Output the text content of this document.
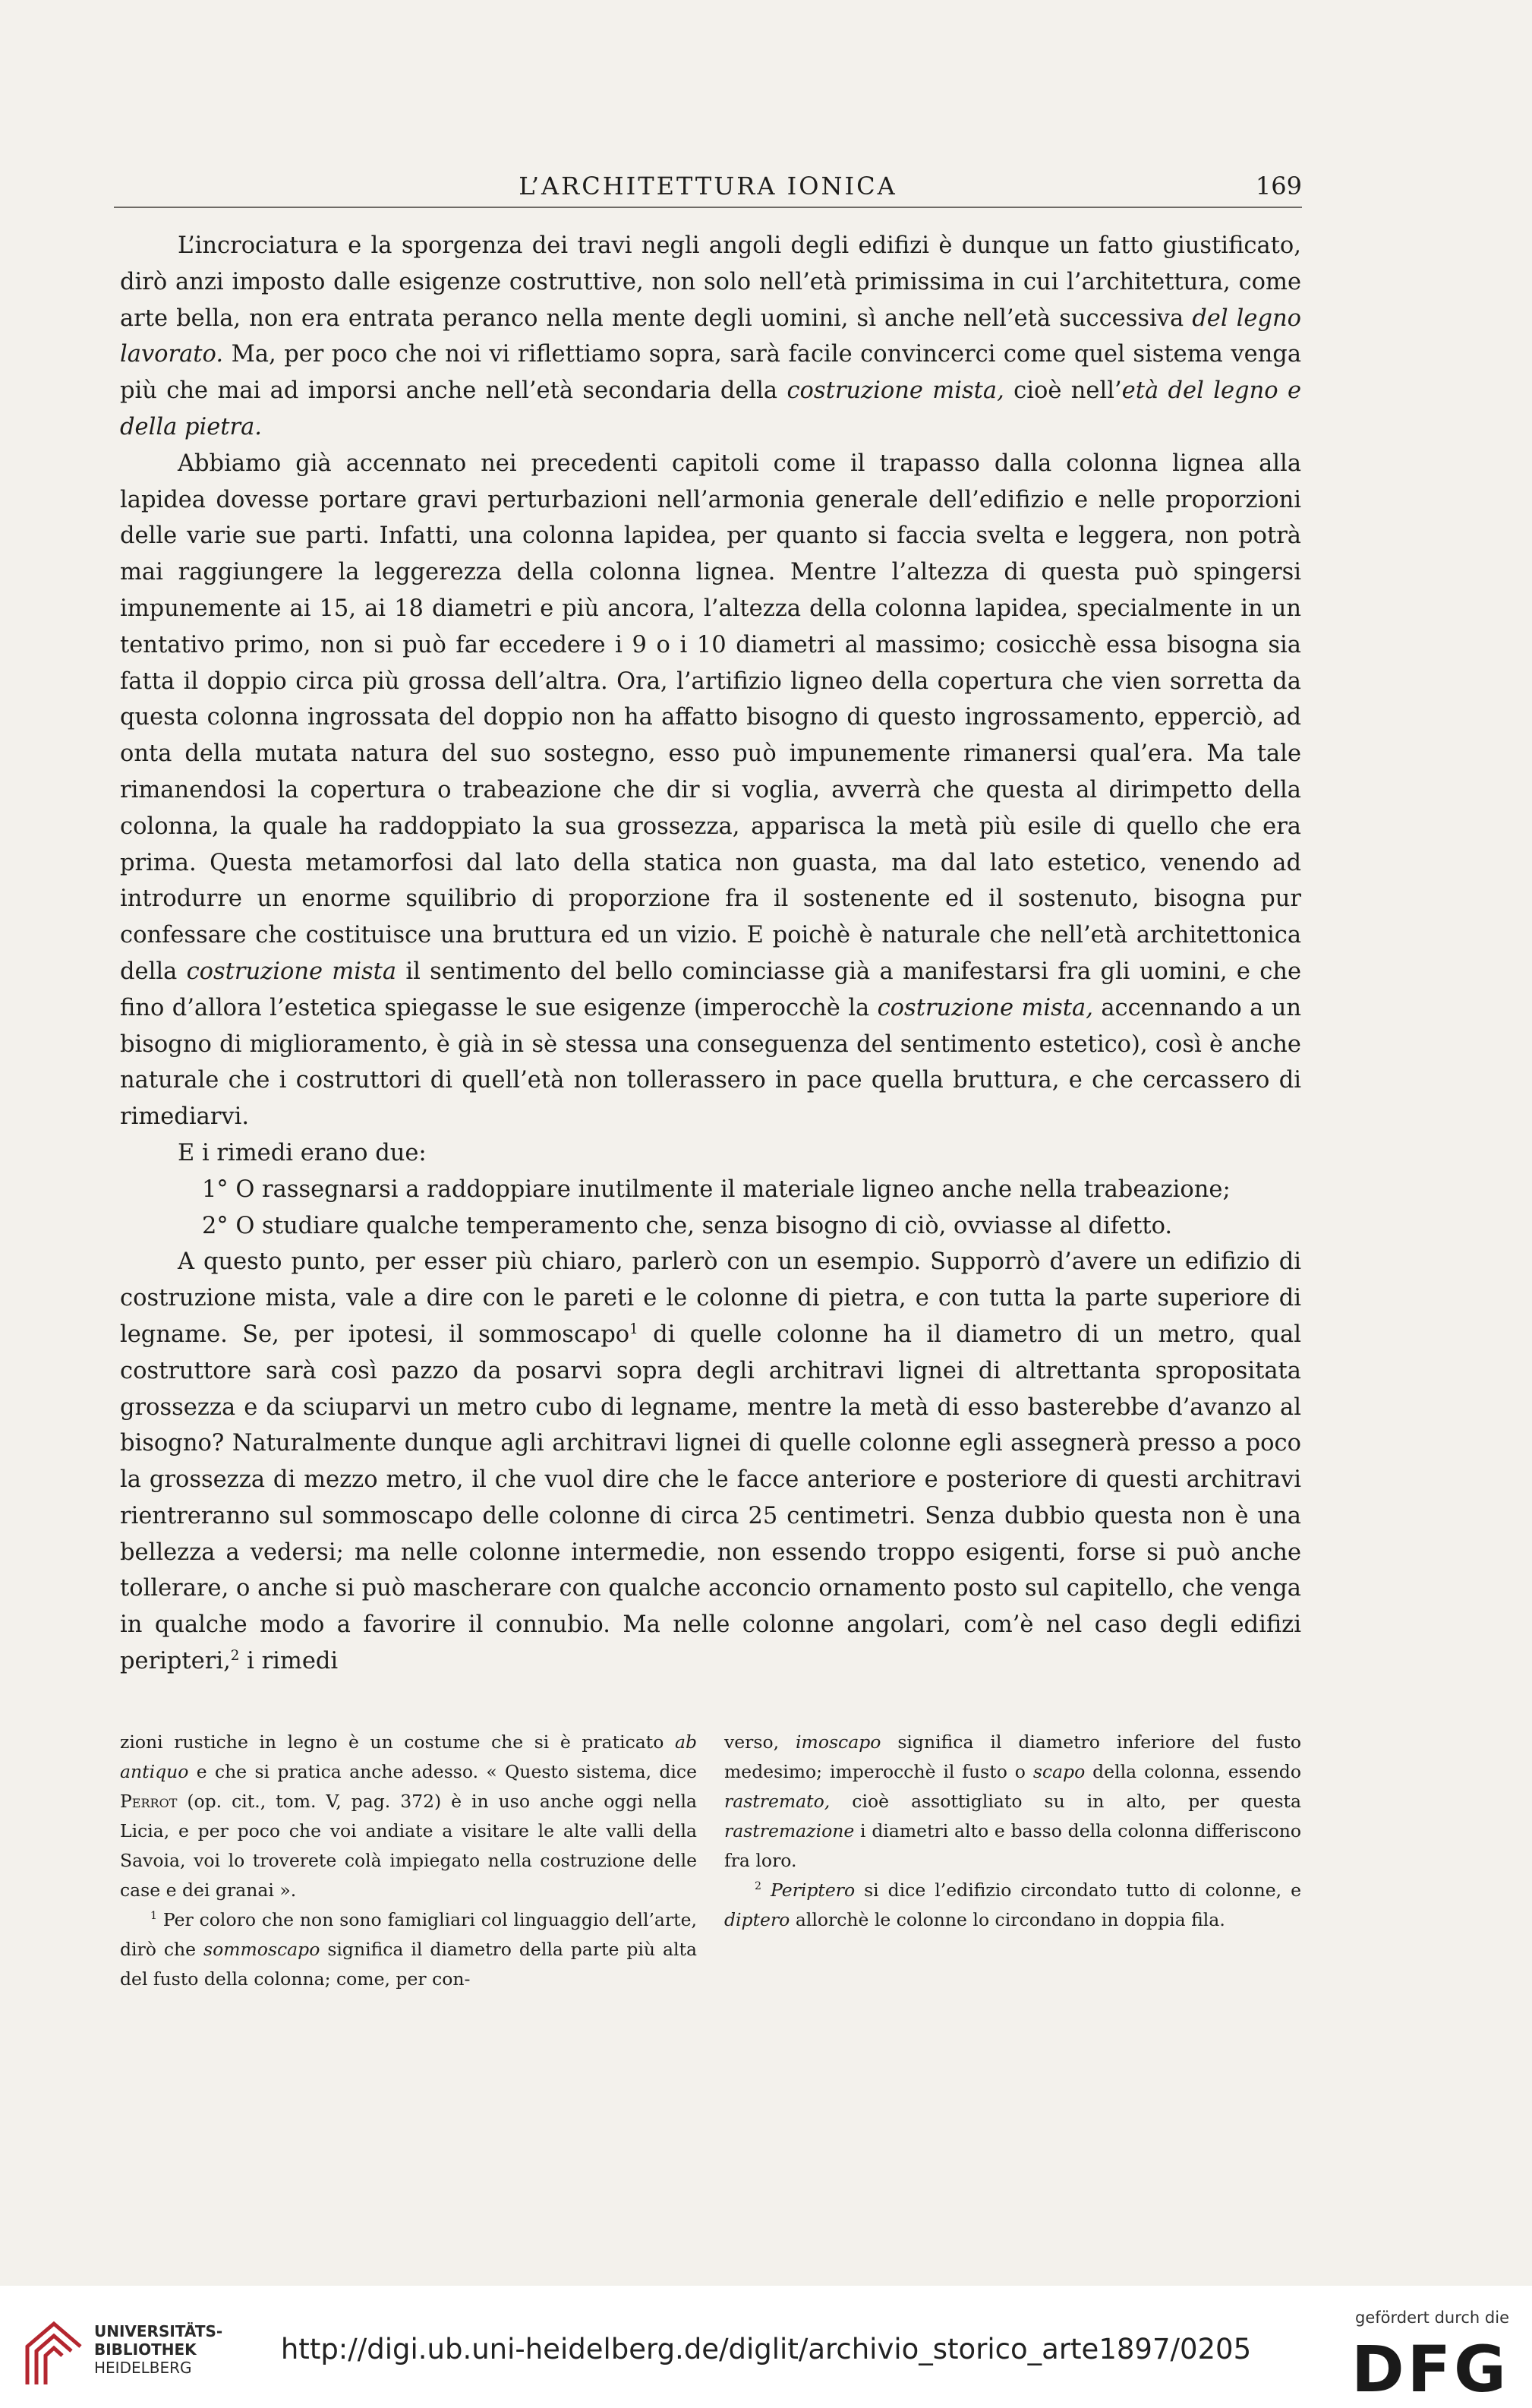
L’ARCHITETTURA IONICA	169

L’incrociatura e la sporgenza dei travi negli angoli degli edifizi è dunque un fatto giustificato, dirò anzi imposto dalle esigenze costruttive, non solo nell’età primissima in cui l’architettura, come arte bella, non era entrata peranco nella mente degli uomini, sì anche nell’età successiva del legno lavorato. Ma, per poco che noi vi riflettiamo sopra, sarà facile convincerci come quel sistema venga più che mai ad imporsi anche nell’età secondaria della costruzione mista, cioè nell’età del legno e della pietra.

Abbiamo già accennato nei precedenti capitoli come il trapasso dalla colonna lignea alla lapidea dovesse portare gravi perturbazioni nell’armonia generale dell’edifizio e nelle proporzioni delle varie sue parti. Infatti, una colonna lapidea, per quanto si faccia svelta e leggera, non potrà mai raggiungere la leggerezza della colonna lignea. Mentre l’altezza di questa può spingersi impunemente ai 15, ai 18 diametri e più ancora, l’altezza della colonna lapidea, specialmente in un tentativo primo, non si può far eccedere i 9 o i 10 diametri al massimo; cosicchè essa bisogna sia fatta il doppio circa più grossa dell’altra. Ora, l’artifizio ligneo della copertura che vien sorretta da questa colonna ingrossata del doppio non ha affatto bisogno di questo ingrossamento, epperciò, ad onta della mutata natura del suo sostegno, esso può impunemente rimanersi qual’era. Ma tale rimanendosi la copertura o trabeazione che dir si voglia, avverrà che questa al dirimpetto della colonna, la quale ha raddoppiato la sua grossezza, apparisca la metà più esile di quello che era prima. Questa metamorfosi dal lato della statica non guasta, ma dal lato estetico, venendo ad introdurre un enorme squilibrio di proporzione fra il sostenente ed il sostenuto, bisogna pur confessare che costituisce una bruttura ed un vizio. E poichè è naturale che nell’età architettonica della costruzione mista il sentimento del bello cominciasse già a manifestarsi fra gli uomini, e che fino d’allora l’estetica spiegasse le sue esigenze (imperocchè la costruzione mista, accennando a un bisogno di miglioramento, è già in sè stessa una conseguenza del sentimento estetico), così è anche naturale che i costruttori di quell’età non tollerassero in pace quella bruttura, e che cercassero di rimediarvi.

E i rimedi erano due:

1° O rassegnarsi a raddoppiare inutilmente il materiale ligneo anche nella trabeazione;

2° O studiare qualche temperamento che, senza bisogno di ciò, ovviasse al difetto.

A questo punto, per esser più chiaro, parlerò con un esempio. Supporrò d’avere un edifizio di costruzione mista, vale a dire con le pareti e le colonne di pietra, e con tutta la parte superiore di legname. Se, per ipotesi, il sommoscapo$^1$ di quelle colonne ha il diametro di un metro, qual costruttore sarà così pazzo da posarvi sopra degli architravi lignei di altrettanta spropositata grossezza e da sciuparvi un metro cubo di legname, mentre la metà di esso basterebbe d’avanzo al bisogno? Naturalmente dunque agli architravi lignei di quelle colonne egli assegnerà presso a poco la grossezza di mezzo metro, il che vuol dire che le facce anteriore e posteriore di questi architravi rientreranno sul sommoscapo delle colonne di circa 25 centimetri. Senza dubbio questa non è una bellezza a vedersi; ma nelle colonne intermedie, non essendo troppo esigenti, forse si può anche tollerare, o anche si può mascherare con qualche acconcio ornamento posto sul capitello, che venga in qualche modo a favorire il connubio. Ma nelle colonne angolari, com’è nel caso degli edifizi peripteri,$^2$ i rimedi

zioni rustiche in legno è un costume che si è praticato ab antiquo e che si pratica anche adesso. « Questo sistema, dice Perrot (op. cit., tom. V, pag. 372) è in uso anche oggi nella Licia, e per poco che voi andiate a visitare le alte valli della Savoia, voi lo troverete colà impiegato nella costruzione delle case e dei granai ».

$^1$ Per coloro che non sono famigliari col linguaggio dell’arte, dirò che sommoscapo significa il diametro della parte più alta del fusto della colonna; come, per con-

verso, imoscapo significa il diametro inferiore del fusto medesimo; imperocchè il fusto o scapo della colonna, essendo rastremato, cioè assottigliato su in alto, per questa rastremazione i diametri alto e basso della colonna differiscono fra loro.

$^2$ Periptero si dice l’edifizio circondato tutto di colonne, e diptero allorchè le colonne lo circondano in doppia fila.

UNIVERSITÄTS-
BIBLIOTHEK
HEIDELBERG
http://digi.ub.uni-heidelberg.de/diglit/archivio_storico_arte1897/0205
gefördert durch die
DFG
